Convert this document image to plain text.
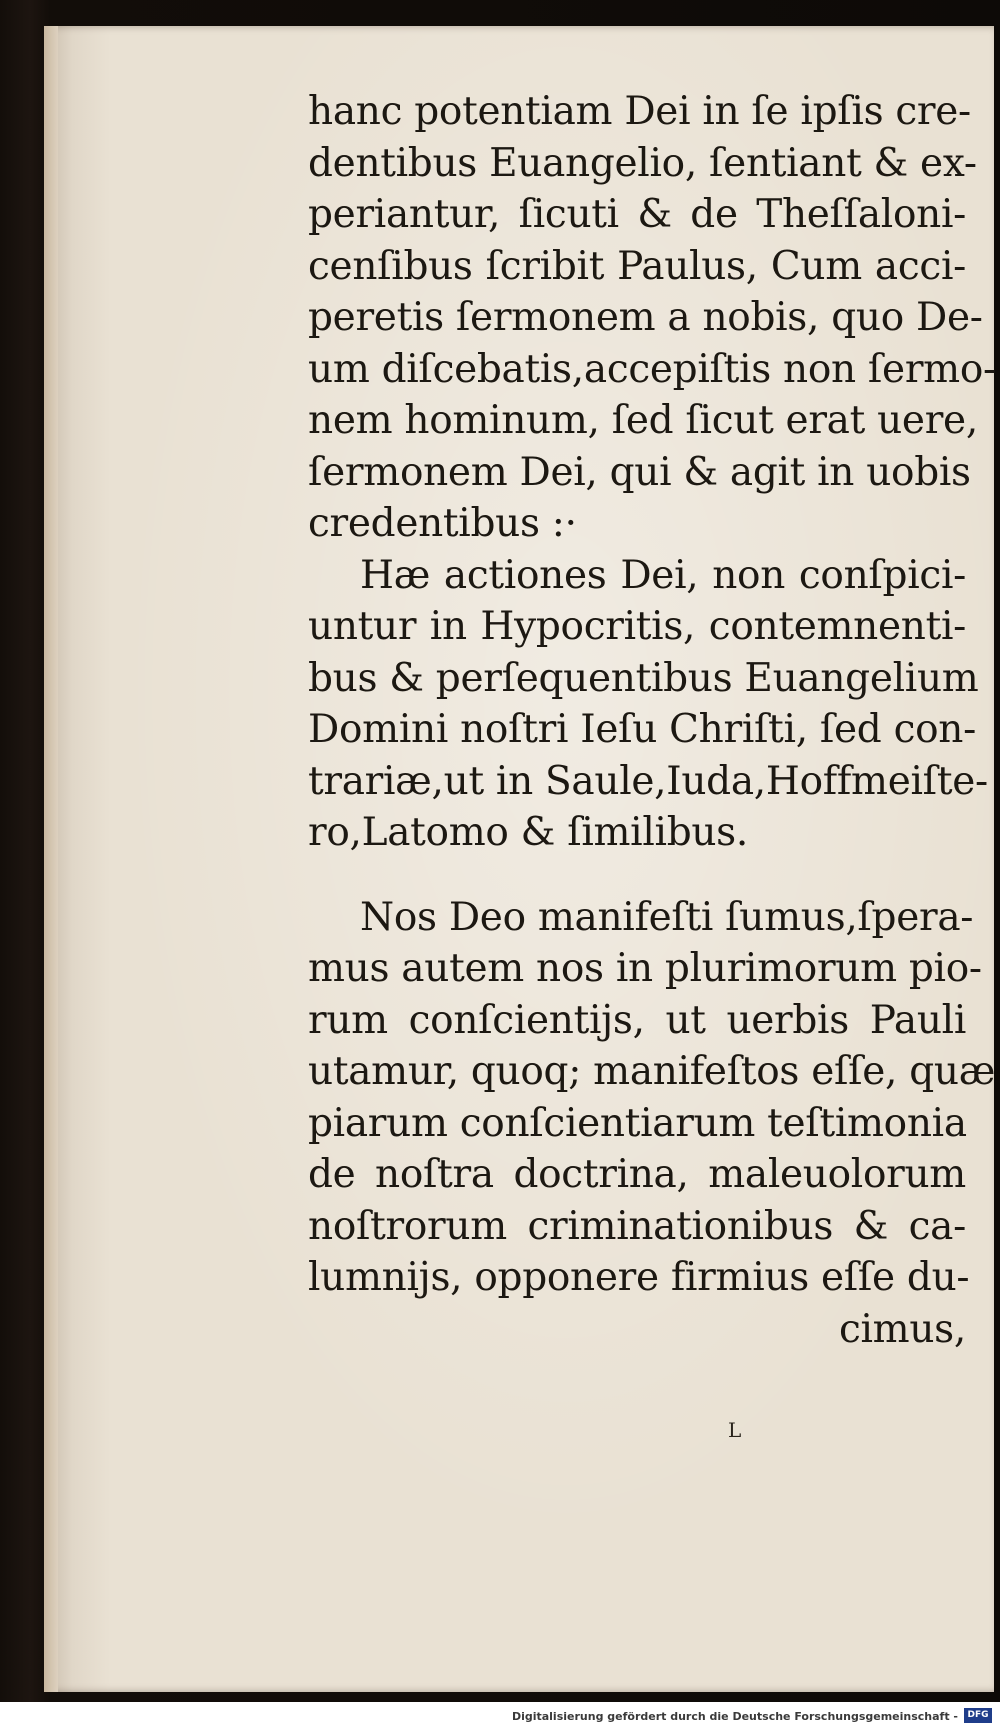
hanc potentiam Dei in ſe ipſis cre-
dentibus Euangelio, ſentiant & ex-
periantur, ſicuti & de Theſſaloni-
cenſibus ſcribit Paulus, Cum acci-
peretis ſermonem a nobis, quo De-
um diſcebatis,accepiſtis non ſermo-
nem hominum, ſed ſicut erat uere,
ſermonem Dei, qui & agit in uobis
credentibus :·
Hæ actiones Dei, non conſpici-
untur in Hypocritis, contemnenti-
bus & perſequentibus Euangelium
Domini noſtri Ieſu Chriſti, ſed con-
trariæ,ut in Saule,Iuda,Hoffmeiſte-
ro,Latomo & ſimilibus.
Nos Deo manifeſti ſumus,ſpera-
mus autem nos in plurimorum pio-
rum conſcientijs, ut uerbis Pauli
utamur, quoq; manifeſtos eſſe, quæ
piarum conſcientiarum teſtimonia
de noſtra doctrina, maleuolorum
noſtrorum criminationibus & ca-
lumnijs, opponere firmius eſſe du-
cimus,
L
Digitalisierung gefördert durch die Deutsche Forschungsgemeinschaft -	DFG
